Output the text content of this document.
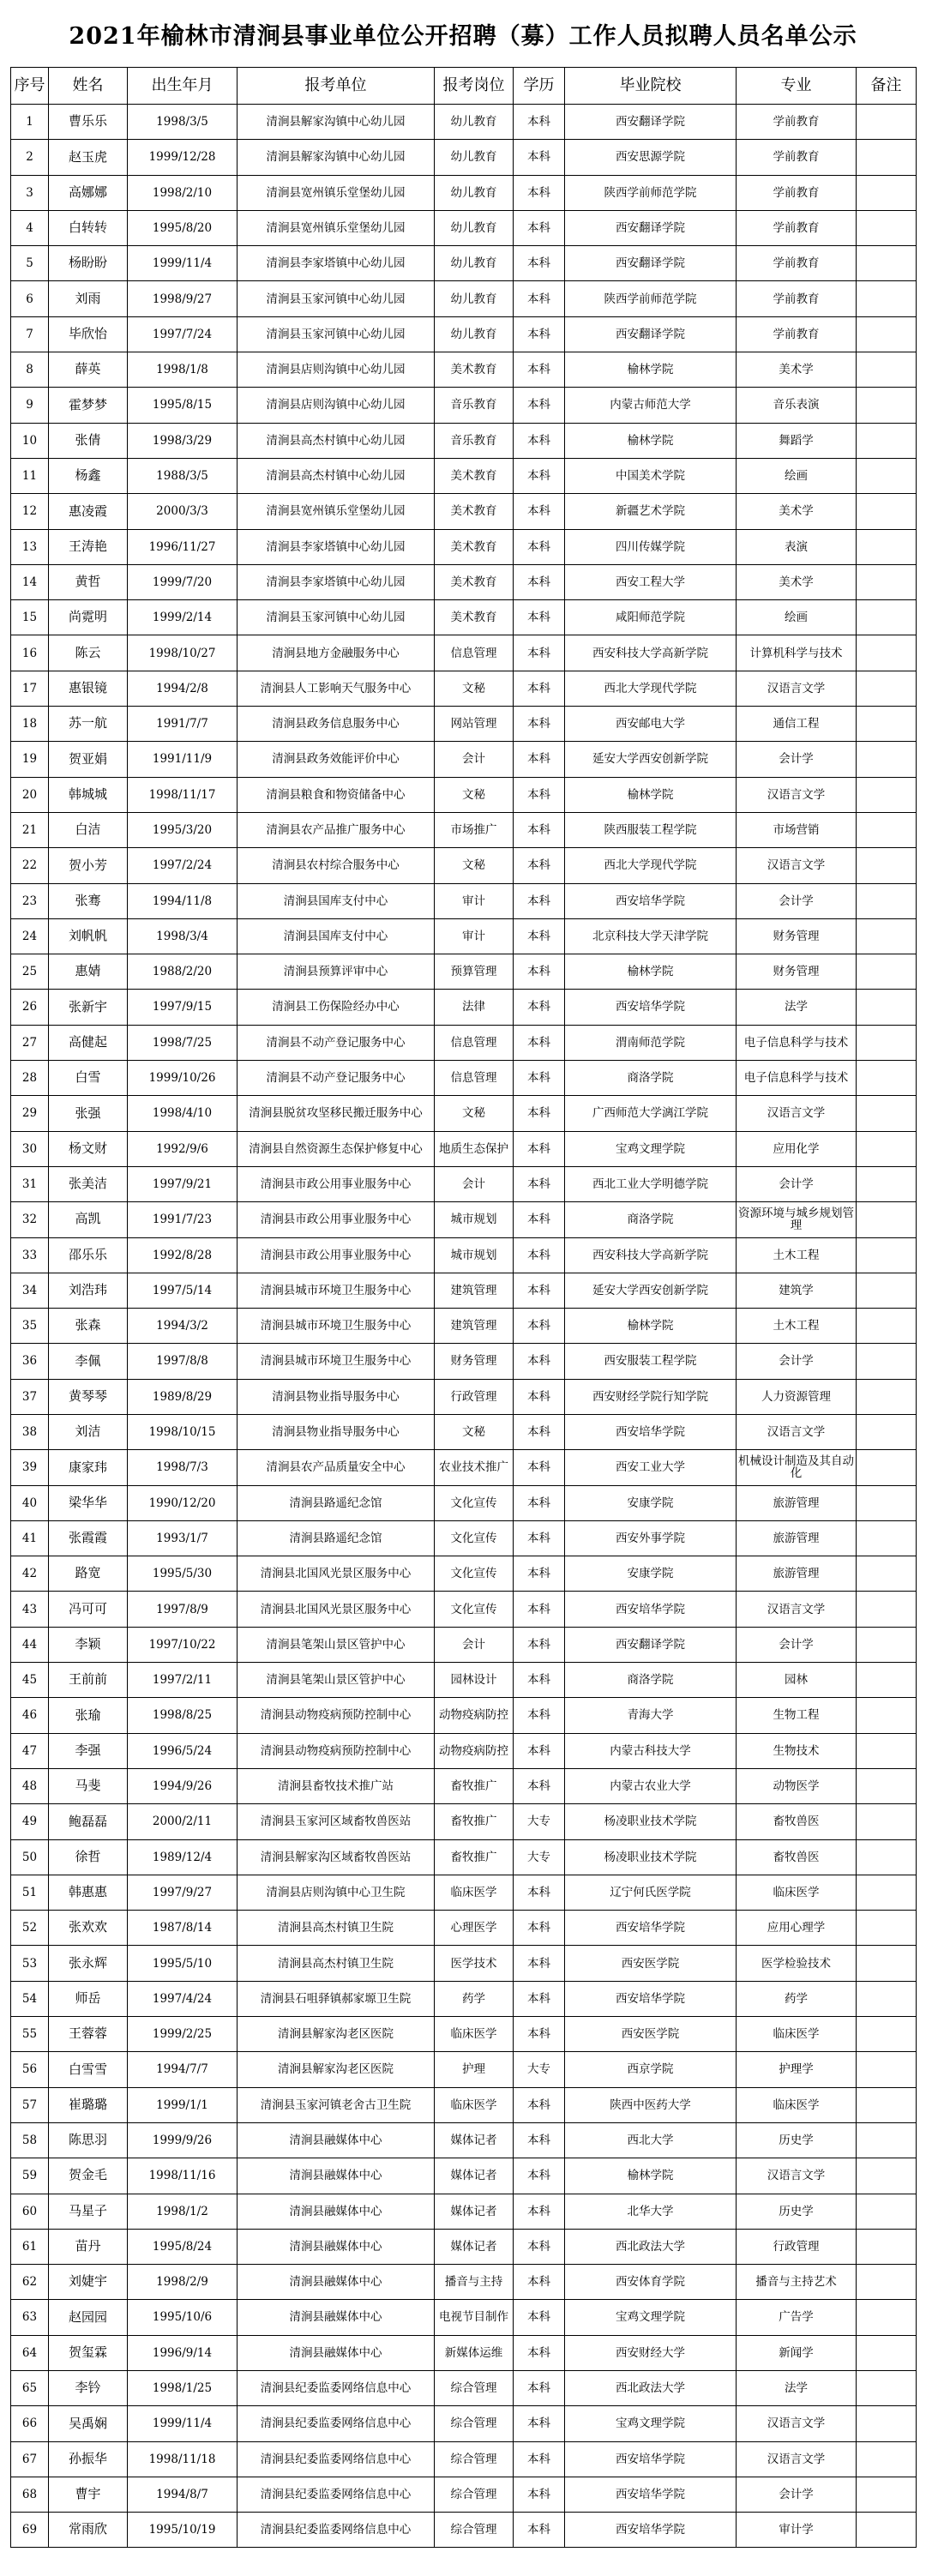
2021年榆林市清涧县事业单位公开招聘（募）工作人员拟聘人员名单公示
序号	姓名	出生年月	报考单位	报考岗位	学历	毕业院校	专业	备注
1	曹乐乐	1998/3/5	清涧县解家沟镇中心幼儿园	幼儿教育	本科	西安翻译学院	学前教育	
2	赵玉虎	1999/12/28	清涧县解家沟镇中心幼儿园	幼儿教育	本科	西安思源学院	学前教育	
3	高娜娜	1998/2/10	清涧县宽州镇乐堂堡幼儿园	幼儿教育	本科	陕西学前师范学院	学前教育	
4	白转转	1995/8/20	清涧县宽州镇乐堂堡幼儿园	幼儿教育	本科	西安翻译学院	学前教育	
5	杨盼盼	1999/11/4	清涧县李家塔镇中心幼儿园	幼儿教育	本科	西安翻译学院	学前教育	
6	刘雨	1998/9/27	清涧县玉家河镇中心幼儿园	幼儿教育	本科	陕西学前师范学院	学前教育	
7	毕欣怡	1997/7/24	清涧县玉家河镇中心幼儿园	幼儿教育	本科	西安翻译学院	学前教育	
8	薛英	1998/1/8	清涧县店则沟镇中心幼儿园	美术教育	本科	榆林学院	美术学	
9	霍梦梦	1995/8/15	清涧县店则沟镇中心幼儿园	音乐教育	本科	内蒙古师范大学	音乐表演	
10	张倩	1998/3/29	清涧县高杰村镇中心幼儿园	音乐教育	本科	榆林学院	舞蹈学	
11	杨鑫	1988/3/5	清涧县高杰村镇中心幼儿园	美术教育	本科	中国美术学院	绘画	
12	惠凌霞	2000/3/3	清涧县宽州镇乐堂堡幼儿园	美术教育	本科	新疆艺术学院	美术学	
13	王涛艳	1996/11/27	清涧县李家塔镇中心幼儿园	美术教育	本科	四川传媒学院	表演	
14	黄哲	1999/7/20	清涧县李家塔镇中心幼儿园	美术教育	本科	西安工程大学	美术学	
15	尚霓明	1999/2/14	清涧县玉家河镇中心幼儿园	美术教育	本科	咸阳师范学院	绘画	
16	陈云	1998/10/27	清涧县地方金融服务中心	信息管理	本科	西安科技大学高新学院	计算机科学与技术	
17	惠银镜	1994/2/8	清涧县人工影响天气服务中心	文秘	本科	西北大学现代学院	汉语言文学	
18	苏一航	1991/7/7	清涧县政务信息服务中心	网站管理	本科	西安邮电大学	通信工程	
19	贺亚娟	1991/11/9	清涧县政务效能评价中心	会计	本科	延安大学西安创新学院	会计学	
20	韩城城	1998/11/17	清涧县粮食和物资储备中心	文秘	本科	榆林学院	汉语言文学	
21	白洁	1995/3/20	清涧县农产品推广服务中心	市场推广	本科	陕西服装工程学院	市场营销	
22	贺小芳	1997/2/24	清涧县农村综合服务中心	文秘	本科	西北大学现代学院	汉语言文学	
23	张骞	1994/11/8	清涧县国库支付中心	审计	本科	西安培华学院	会计学	
24	刘帆帆	1998/3/4	清涧县国库支付中心	审计	本科	北京科技大学天津学院	财务管理	
25	惠婧	1988/2/20	清涧县预算评审中心	预算管理	本科	榆林学院	财务管理	
26	张新宇	1997/9/15	清涧县工伤保险经办中心	法律	本科	西安培华学院	法学	
27	高健起	1998/7/25	清涧县不动产登记服务中心	信息管理	本科	渭南师范学院	电子信息科学与技术	
28	白雪	1999/10/26	清涧县不动产登记服务中心	信息管理	本科	商洛学院	电子信息科学与技术	
29	张强	1998/4/10	清涧县脱贫攻坚移民搬迁服务中心	文秘	本科	广西师范大学漓江学院	汉语言文学	
30	杨文财	1992/9/6	清涧县自然资源生态保护修复中心	地质生态保护	本科	宝鸡文理学院	应用化学	
31	张美洁	1997/9/21	清涧县市政公用事业服务中心	会计	本科	西北工业大学明德学院	会计学	
32	高凯	1991/7/23	清涧县市政公用事业服务中心	城市规划	本科	商洛学院	资源环境与城乡规划管理	
33	邵乐乐	1992/8/28	清涧县市政公用事业服务中心	城市规划	本科	西安科技大学高新学院	土木工程	
34	刘浩玮	1997/5/14	清涧县城市环境卫生服务中心	建筑管理	本科	延安大学西安创新学院	建筑学	
35	张森	1994/3/2	清涧县城市环境卫生服务中心	建筑管理	本科	榆林学院	土木工程	
36	李佩	1997/8/8	清涧县城市环境卫生服务中心	财务管理	本科	西安服装工程学院	会计学	
37	黄琴琴	1989/8/29	清涧县物业指导服务中心	行政管理	本科	西安财经学院行知学院	人力资源管理	
38	刘洁	1998/10/15	清涧县物业指导服务中心	文秘	本科	西安培华学院	汉语言文学	
39	康家玮	1998/7/3	清涧县农产品质量安全中心	农业技术推广	本科	西安工业大学	机械设计制造及其自动化	
40	梁华华	1990/12/20	清涧县路遥纪念馆	文化宣传	本科	安康学院	旅游管理	
41	张霞霞	1993/1/7	清涧县路遥纪念馆	文化宣传	本科	西安外事学院	旅游管理	
42	路宽	1995/5/30	清涧县北国风光景区服务中心	文化宣传	本科	安康学院	旅游管理	
43	冯可可	1997/8/9	清涧县北国风光景区服务中心	文化宣传	本科	西安培华学院	汉语言文学	
44	李颖	1997/10/22	清涧县笔架山景区管护中心	会计	本科	西安翻译学院	会计学	
45	王前前	1997/2/11	清涧县笔架山景区管护中心	园林设计	本科	商洛学院	园林	
46	张瑜	1998/8/25	清涧县动物疫病预防控制中心	动物疫病防控	本科	青海大学	生物工程	
47	李强	1996/5/24	清涧县动物疫病预防控制中心	动物疫病防控	本科	内蒙古科技大学	生物技术	
48	马斐	1994/9/26	清涧县畜牧技术推广站	畜牧推广	本科	内蒙古农业大学	动物医学	
49	鲍磊磊	2000/2/11	清涧县玉家河区域畜牧兽医站	畜牧推广	大专	杨凌职业技术学院	畜牧兽医	
50	徐哲	1989/12/4	清涧县解家沟区域畜牧兽医站	畜牧推广	大专	杨凌职业技术学院	畜牧兽医	
51	韩惠惠	1997/9/27	清涧县店则沟镇中心卫生院	临床医学	本科	辽宁何氏医学院	临床医学	
52	张欢欢	1987/8/14	清涧县高杰村镇卫生院	心理医学	本科	西安培华学院	应用心理学	
53	张永辉	1995/5/10	清涧县高杰村镇卫生院	医学技术	本科	西安医学院	医学检验技术	
54	师岳	1997/4/24	清涧县石咀驿镇郝家塬卫生院	药学	本科	西安培华学院	药学	
55	王蓉蓉	1999/2/25	清涧县解家沟老区医院	临床医学	本科	西安医学院	临床医学	
56	白雪雪	1994/7/7	清涧县解家沟老区医院	护理	大专	西京学院	护理学	
57	崔璐璐	1999/1/1	清涧县玉家河镇老舍古卫生院	临床医学	本科	陕西中医药大学	临床医学	
58	陈思羽	1999/9/26	清涧县融媒体中心	媒体记者	本科	西北大学	历史学	
59	贺金毛	1998/11/16	清涧县融媒体中心	媒体记者	本科	榆林学院	汉语言文学	
60	马星子	1998/1/2	清涧县融媒体中心	媒体记者	本科	北华大学	历史学	
61	苗丹	1995/8/24	清涧县融媒体中心	媒体记者	本科	西北政法大学	行政管理	
62	刘婕宇	1998/2/9	清涧县融媒体中心	播音与主持	本科	西安体育学院	播音与主持艺术	
63	赵园园	1995/10/6	清涧县融媒体中心	电视节目制作	本科	宝鸡文理学院	广告学	
64	贺玺霖	1996/9/14	清涧县融媒体中心	新媒体运维	本科	西安财经大学	新闻学	
65	李钤	1998/1/25	清涧县纪委监委网络信息中心	综合管理	本科	西北政法大学	法学	
66	吴禹娴	1999/11/4	清涧县纪委监委网络信息中心	综合管理	本科	宝鸡文理学院	汉语言文学	
67	孙振华	1998/11/18	清涧县纪委监委网络信息中心	综合管理	本科	西安培华学院	汉语言文学	
68	曹宇	1994/8/7	清涧县纪委监委网络信息中心	综合管理	本科	西安培华学院	会计学	
69	常雨欣	1995/10/19	清涧县纪委监委网络信息中心	综合管理	本科	西安培华学院	审计学	
